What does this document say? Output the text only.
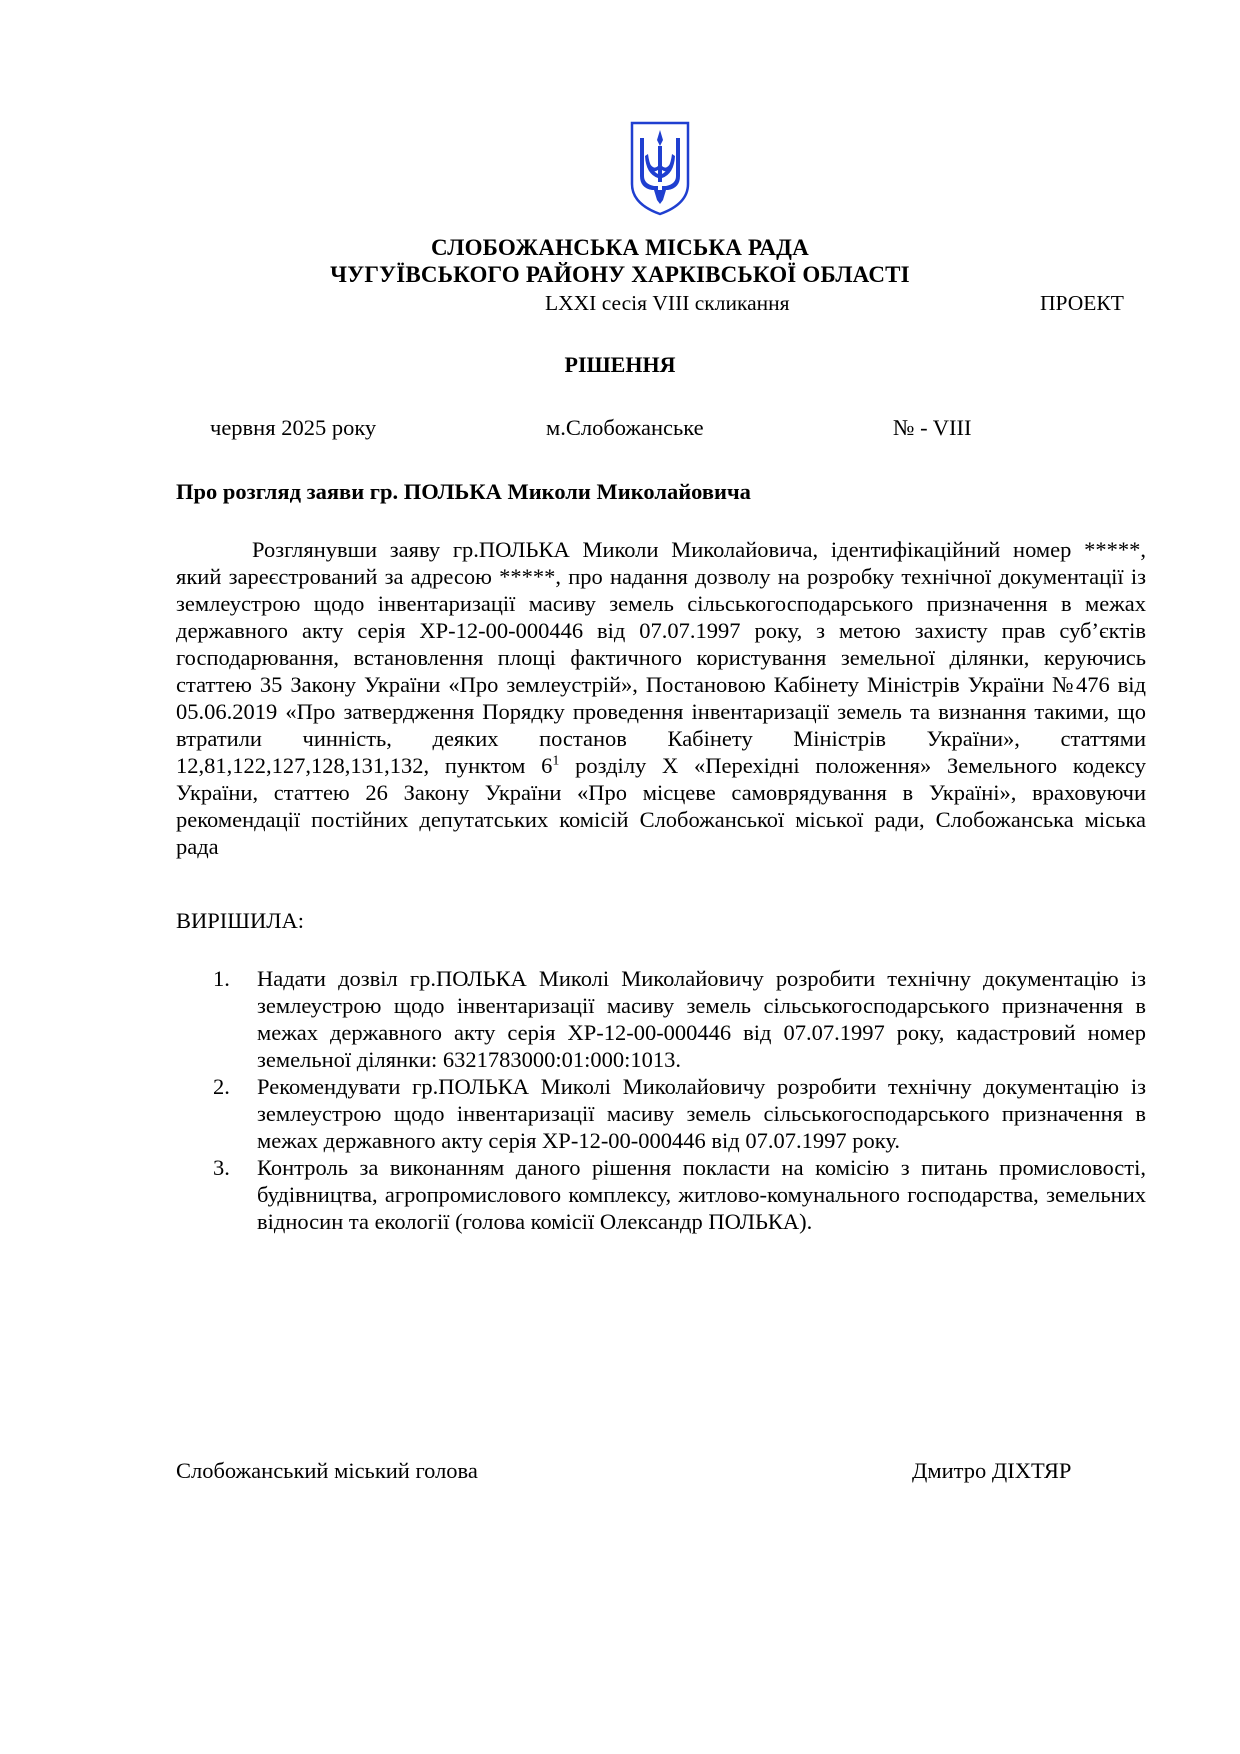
СЛОБОЖАНСЬКА МІСЬКА РАДА
ЧУГУЇВСЬКОГО РАЙОНУ ХАРКІВСЬКОЇ ОБЛАСТІ
LXXI сесія VIII скликання	ПРОЕКТ
РІШЕННЯ
червня 2025 року	м.Слобожанське	№ - VIII
Про розгляд заяви гр. ПОЛЬКА Миколи Миколайовича

Розглянувши заяву гр.ПОЛЬКА Миколи Миколайовича, ідентифікаційний номер *****, який зареєстрований за адресою *****, про надання дозволу на розробку технічної документації із землеустрою щодо інвентаризації масиву земель сільськогосподарського призначення в межах державного акту серія ХР-12-00-000446 від 07.07.1997 року, з метою захисту прав суб’єктів господарювання, встановлення площі фактичного користування земельної ділянки, керуючись статтею 35 Закону України «Про землеустрій», Постановою Кабінету Міністрів України №476 від 05.06.2019 «Про затвердження Порядку проведення інвентаризації земель та визнання такими, що втратили чинність, деяких постанов Кабінету Міністрів України», статтями 12,81,122,127,128,131,132, пунктом $6^1$ розділу Х «Перехідні положення» Земельного кодексу України, статтею 26 Закону України «Про місцеве самоврядування в Україні», враховуючи рекомендації постійних депутатських комісій Слобожанської міської ради, Слобожанська міська рада

ВИРІШИЛА:
1. Надати дозвіл гр.ПОЛЬКА Миколі Миколайовичу розробити технічну документацію із землеустрою щодо інвентаризації масиву земель сільськогосподарського призначення в межах державного акту серія ХР-12-00-000446 від 07.07.1997 року, кадастровий номер земельної ділянки: 6321783000:01:000:1013.
2. Рекомендувати гр.ПОЛЬКА Миколі Миколайовичу розробити технічну документацію із землеустрою щодо інвентаризації масиву земель сільськогосподарського призначення в межах державного акту серія ХР-12-00-000446 від 07.07.1997 року.
3. Контроль за виконанням даного рішення покласти на комісію з питань промисловості, будівництва, агропромислового комплексу, житлово-комунального господарства, земельних відносин та екології (голова комісії Олександр ПОЛЬКА).
Слобожанський міський голова	Дмитро ДІХТЯР
